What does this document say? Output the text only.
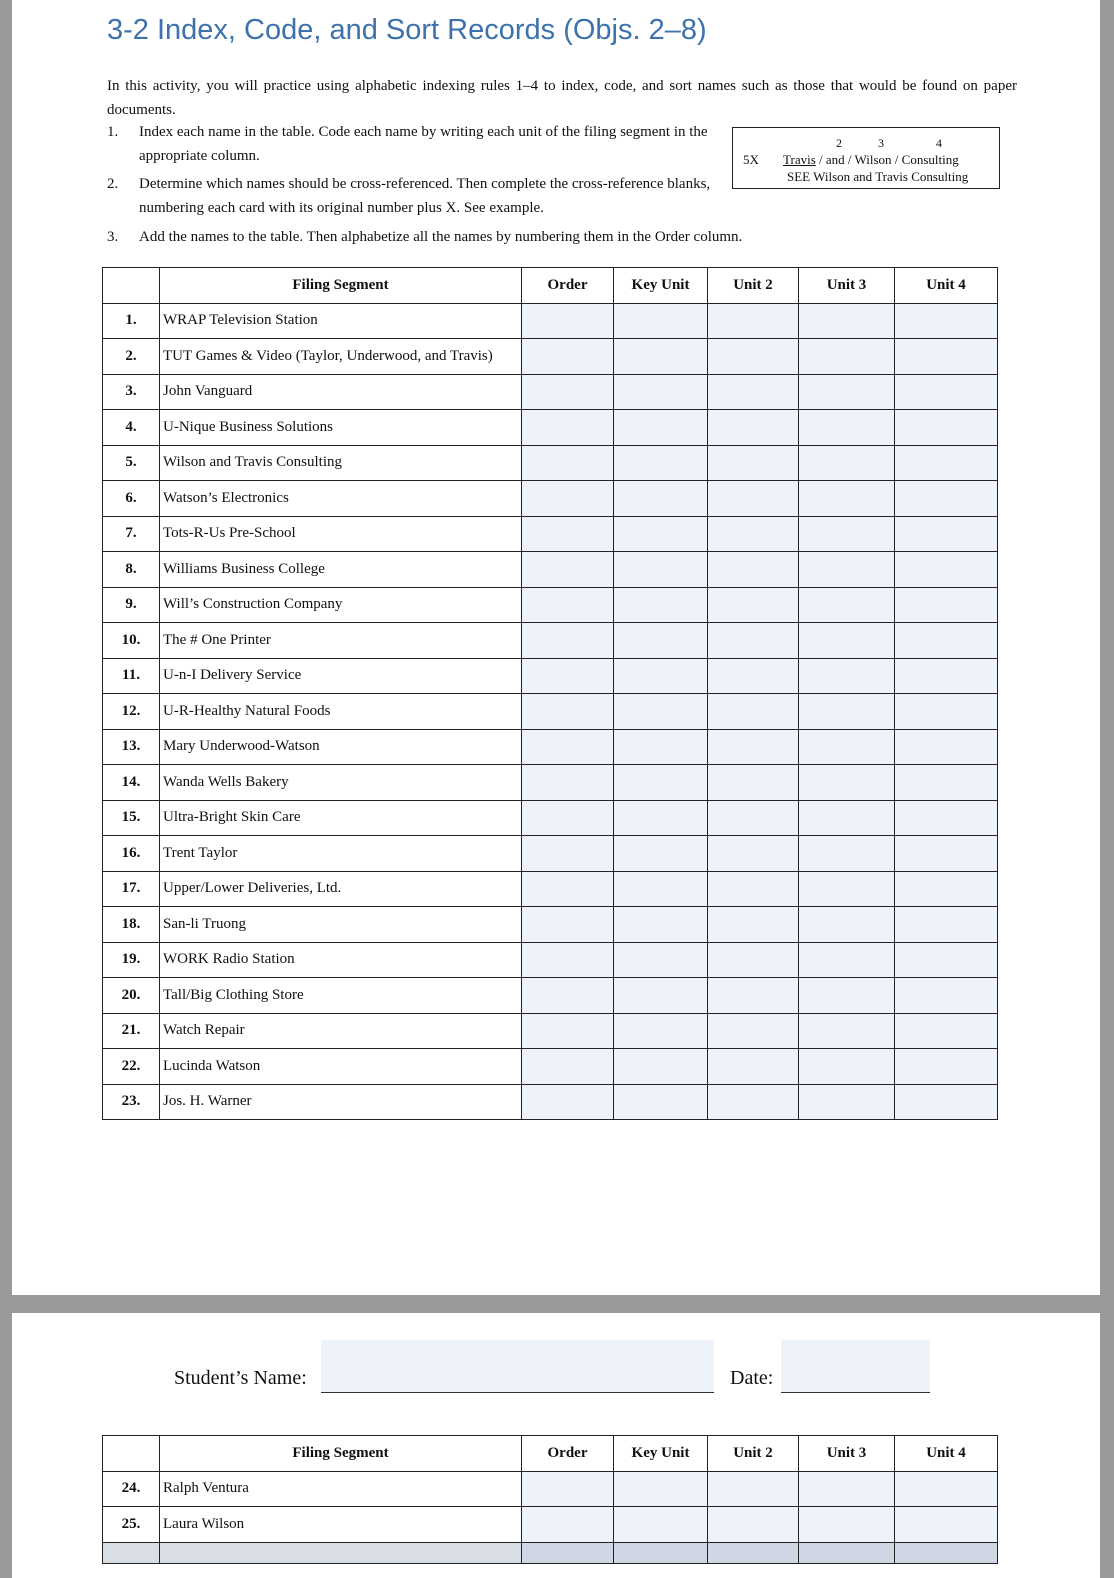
3-2 Index, Code, and Sort Records (Objs. 2–8)

In this activity, you will practice using alphabetic indexing rules 1–4 to index, code, and sort names such as those that would be found on paper documents.

1.	Index each name in the table. Code each name by writing each unit of the filing segment in the appropriate column.
2.	Determine which names should be cross-referenced. Then complete the cross-reference blanks, numbering each card with its original number plus X. See example.
3.	Add the names to the table. Then alphabetize all the names by numbering them in the Order column.
2	3	4
5X Travis / and / Wilson / Consulting
SEE Wilson and Travis Consulting
	Filing Segment	Order	Key Unit	Unit 2	Unit 3	Unit 4
1.	WRAP Television Station					
2.	TUT Games & Video (Taylor, Underwood, and Travis)					
3.	John Vanguard					
4.	U-Nique Business Solutions					
5.	Wilson and Travis Consulting					
6.	Watson’s Electronics					
7.	Tots-R-Us Pre-School					
8.	Williams Business College					
9.	Will’s Construction Company					
10.	The # One Printer					
11.	U-n-I Delivery Service					
12.	U-R-Healthy Natural Foods					
13.	Mary Underwood-Watson					
14.	Wanda Wells Bakery					
15.	Ultra-Bright Skin Care					
16.	Trent Taylor					
17.	Upper/Lower Deliveries, Ltd.					
18.	San-li Truong					
19.	WORK Radio Station					
20.	Tall/Big Clothing Store					
21.	Watch Repair					
22.	Lucinda Watson					
23.	Jos. H. Warner					
Student’s Name:	Date:
	Filing Segment	Order	Key Unit	Unit 2	Unit 3	Unit 4
24.	Ralph Ventura					
25.	Laura Wilson					
